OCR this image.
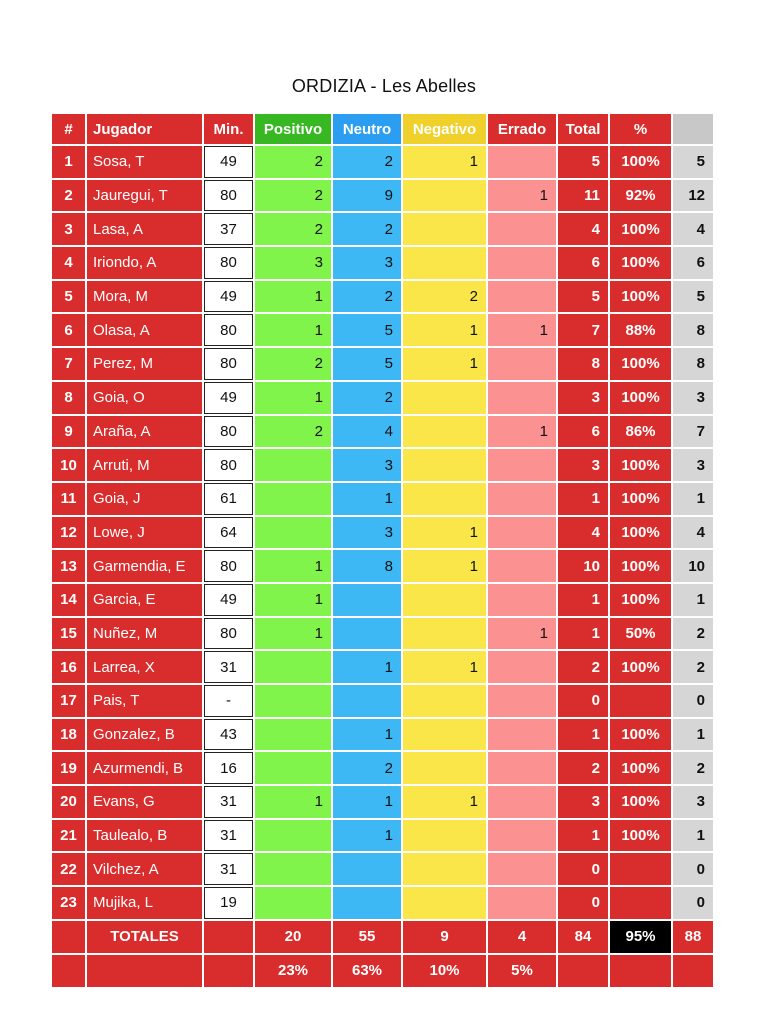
ORDIZIA - Les Abelles
#	Jugador	Min.	Positivo	Neutro	Negativo	Errado	Total	%	
1	Sosa, T	49	2	2	1		5	100%	5
2	Jauregui, T	80	2	9		1	11	92%	12
3	Lasa, A	37	2	2			4	100%	4
4	Iriondo, A	80	3	3			6	100%	6
5	Mora, M	49	1	2	2		5	100%	5
6	Olasa, A	80	1	5	1	1	7	88%	8
7	Perez, M	80	2	5	1		8	100%	8
8	Goia, O	49	1	2			3	100%	3
9	Araña, A	80	2	4		1	6	86%	7
10	Arruti, M	80		3			3	100%	3
11	Goia, J	61		1			1	100%	1
12	Lowe, J	64		3	1		4	100%	4
13	Garmendia, E	80	1	8	1		10	100%	10
14	Garcia, E	49	1				1	100%	1
15	Nuñez, M	80	1			1	1	50%	2
16	Larrea, X	31		1	1		2	100%	2
17	Pais, T	-					0		0
18	Gonzalez, B	43		1			1	100%	1
19	Azurmendi, B	16		2			2	100%	2
20	Evans, G	31	1	1	1		3	100%	3
21	Taulealo, B	31		1			1	100%	1
22	Vilchez, A	31					0		0
23	Mujika, L	19					0		0
	TOTALES		20	55	9	4	84	95%	88
			23%	63%	10%	5%			
